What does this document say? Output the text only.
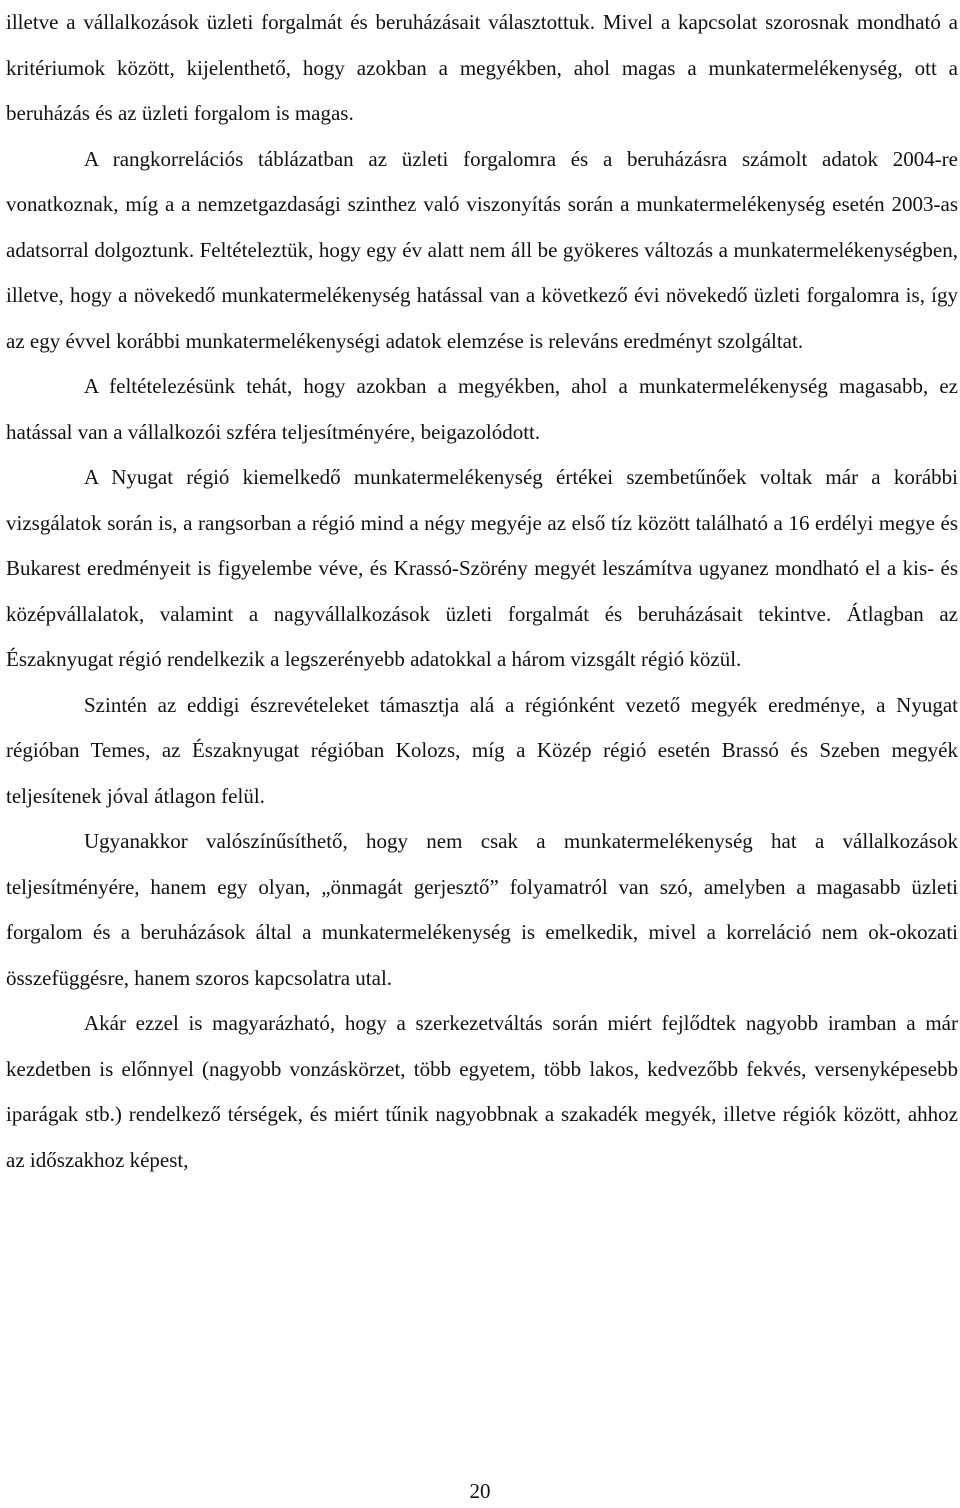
illetve a vállalkozások üzleti forgalmát és beruházásait választottuk. Mivel a kapcsolat szorosnak mondható a kritériumok között, kijelenthető, hogy azokban a megyékben, ahol magas a munkatermelékenység, ott a beruházás és az üzleti forgalom is magas.

A rangkorrelációs táblázatban az üzleti forgalomra és a beruházásra számolt adatok 2004-re vonatkoznak, míg a a nemzetgazdasági szinthez való viszonyítás során a munkatermelékenység esetén 2003-as adatsorral dolgoztunk. Feltételeztük, hogy egy év alatt nem áll be gyökeres változás a munkatermelékenységben, illetve, hogy a növekedő munkatermelékenység hatással van a következő évi növekedő üzleti forgalomra is, így az egy évvel korábbi munkatermelékenységi adatok elemzése is releváns eredményt szolgáltat.

A feltételezésünk tehát, hogy azokban a megyékben, ahol a munkatermelékenység magasabb, ez hatással van a vállalkozói szféra teljesítményére, beigazolódott.

A Nyugat régió kiemelkedő munkatermelékenység értékei szembetűnőek voltak már a korábbi vizsgálatok során is, a rangsorban a régió mind a négy megyéje az első tíz között található a 16 erdélyi megye és Bukarest eredményeit is figyelembe véve, és Krassó-Szörény megyét leszámítva ugyanez mondható el a kis- és középvállalatok, valamint a nagyvállalkozások üzleti forgalmát és beruházásait tekintve. Átlagban az Északnyugat régió rendelkezik a legszerényebb adatokkal a három vizsgált régió közül.

Szintén az eddigi észrevételeket támasztja alá a régiónként vezető megyék eredménye, a Nyugat régióban Temes, az Északnyugat régióban Kolozs, míg a Közép régió esetén Brassó és Szeben megyék teljesítenek jóval átlagon felül.

Ugyanakkor valószínűsíthető, hogy nem csak a munkatermelékenység hat a vállalkozások teljesítményére, hanem egy olyan, „önmagát gerjesztő” folyamatról van szó, amelyben a magasabb üzleti forgalom és a beruházások által a munkatermelékenység is emelkedik, mivel a korreláció nem ok-okozati összefüggésre, hanem szoros kapcsolatra utal.

Akár ezzel is magyarázható, hogy a szerkezetváltás során miért fejlődtek nagyobb iramban a már kezdetben is előnnyel (nagyobb vonzáskörzet, több egyetem, több lakos, kedvezőbb fekvés, versenyképesebb iparágak stb.) rendelkező térségek, és miért tűnik nagyobbnak a szakadék megyék, illetve régiók között, ahhoz az időszakhoz képest,

20
